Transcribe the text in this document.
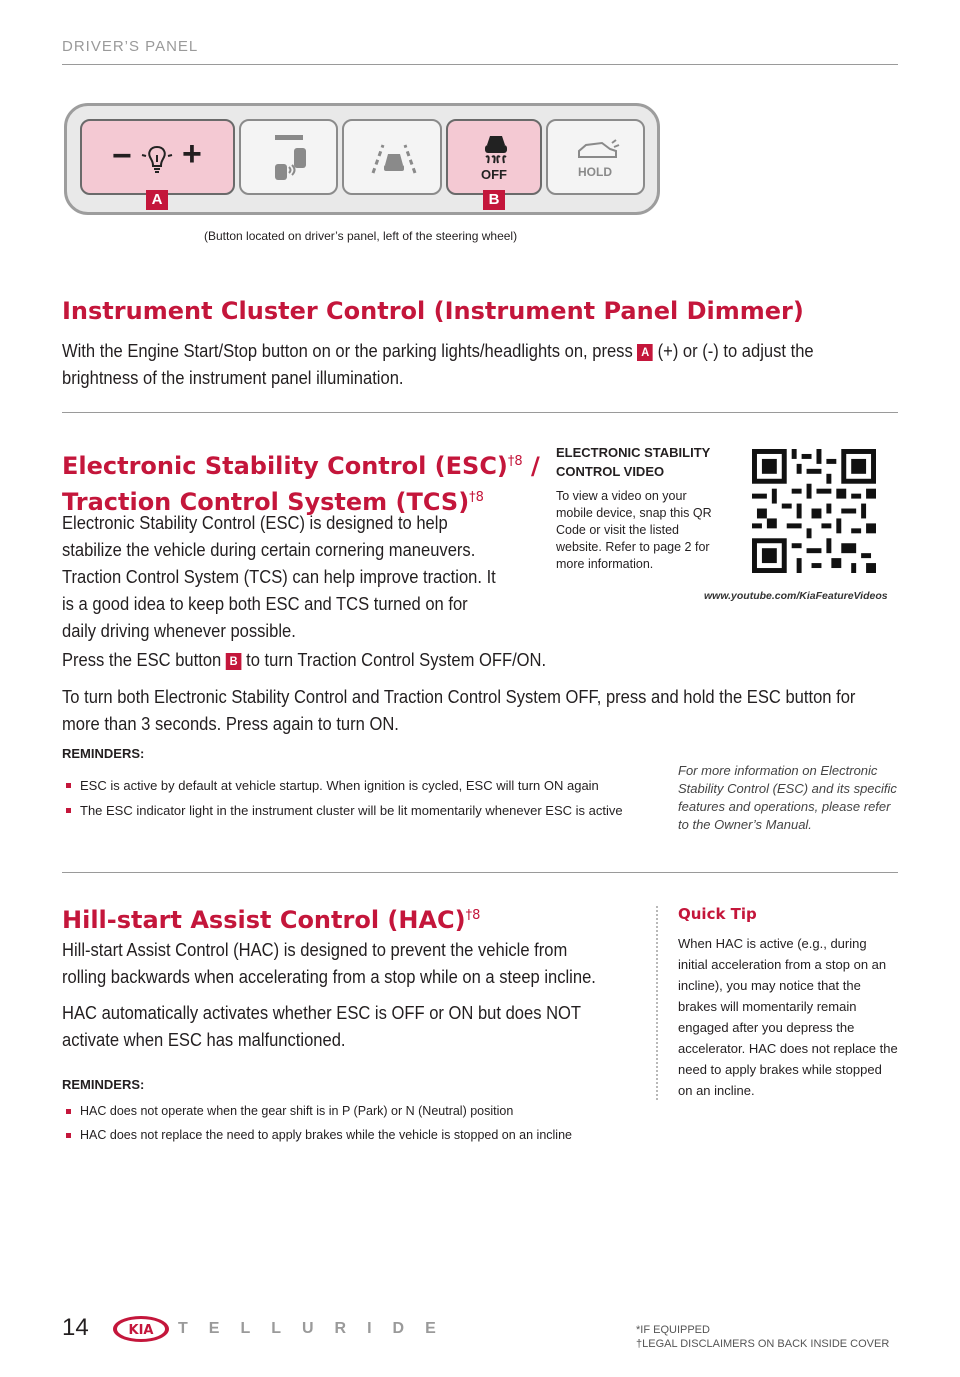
DRIVER’S PANEL
− +
OFF	HOLD
A	B
(Button located on driver’s panel, left of the steering wheel)
Instrument Cluster Control (Instrument Panel Dimmer)
With the Engine Start/Stop button on or the parking lights/headlights on, press A (+) or (-) to adjust the brightness of the instrument panel illumination.
Electronic Stability Control (ESC)$^{\dagger 8}$ /
Traction Control System (TCS)$^{\dagger 8}$
Electronic Stability Control (ESC) is designed to help stabilize the vehicle during certain cornering maneuvers. Traction Control System (TCS) can help improve traction. It is a good idea to keep both ESC and TCS turned on for daily driving whenever possible.
Press the ESC button B to turn Traction Control System OFF/ON.
To turn both Electronic Stability Control and Traction Control System OFF, press and hold the ESC button for more than 3 seconds. Press again to turn ON.
REMINDERS:
ESC is active by default at vehicle startup. When ignition is cycled, ESC will turn ON again
The ESC indicator light in the instrument cluster will be lit momentarily whenever ESC is active
For more information on Electronic Stability Control (ESC) and its specific features and operations, please refer to the Owner’s Manual.
ELECTRONIC STABILITY CONTROL VIDEO
To view a video on your mobile device, snap this QR Code or visit the listed website. Refer to page 2 for more information.
www.youtube.com/KiaFeatureVideos
Hill-start Assist Control (HAC)$^{\dagger 8}$
Hill-start Assist Control (HAC) is designed to prevent the vehicle from rolling backwards when accelerating from a stop while on a steep incline.
HAC automatically activates whether ESC is OFF or ON but does NOT activate when ESC has malfunctioned.
REMINDERS:
HAC does not operate when the gear shift is in P (Park) or N (Neutral) position
HAC does not replace the need to apply brakes while the vehicle is stopped on an incline
Quick Tip
When HAC is active (e.g., during initial acceleration from a stop on an incline), you may notice that the brakes will momentarily remain engaged after you depress the accelerator. HAC does not replace the need to apply brakes while stopped on an incline.
14	KIA TELLURIDE	*IF EQUIPPED
†LEGAL DISCLAIMERS ON BACK INSIDE COVER
